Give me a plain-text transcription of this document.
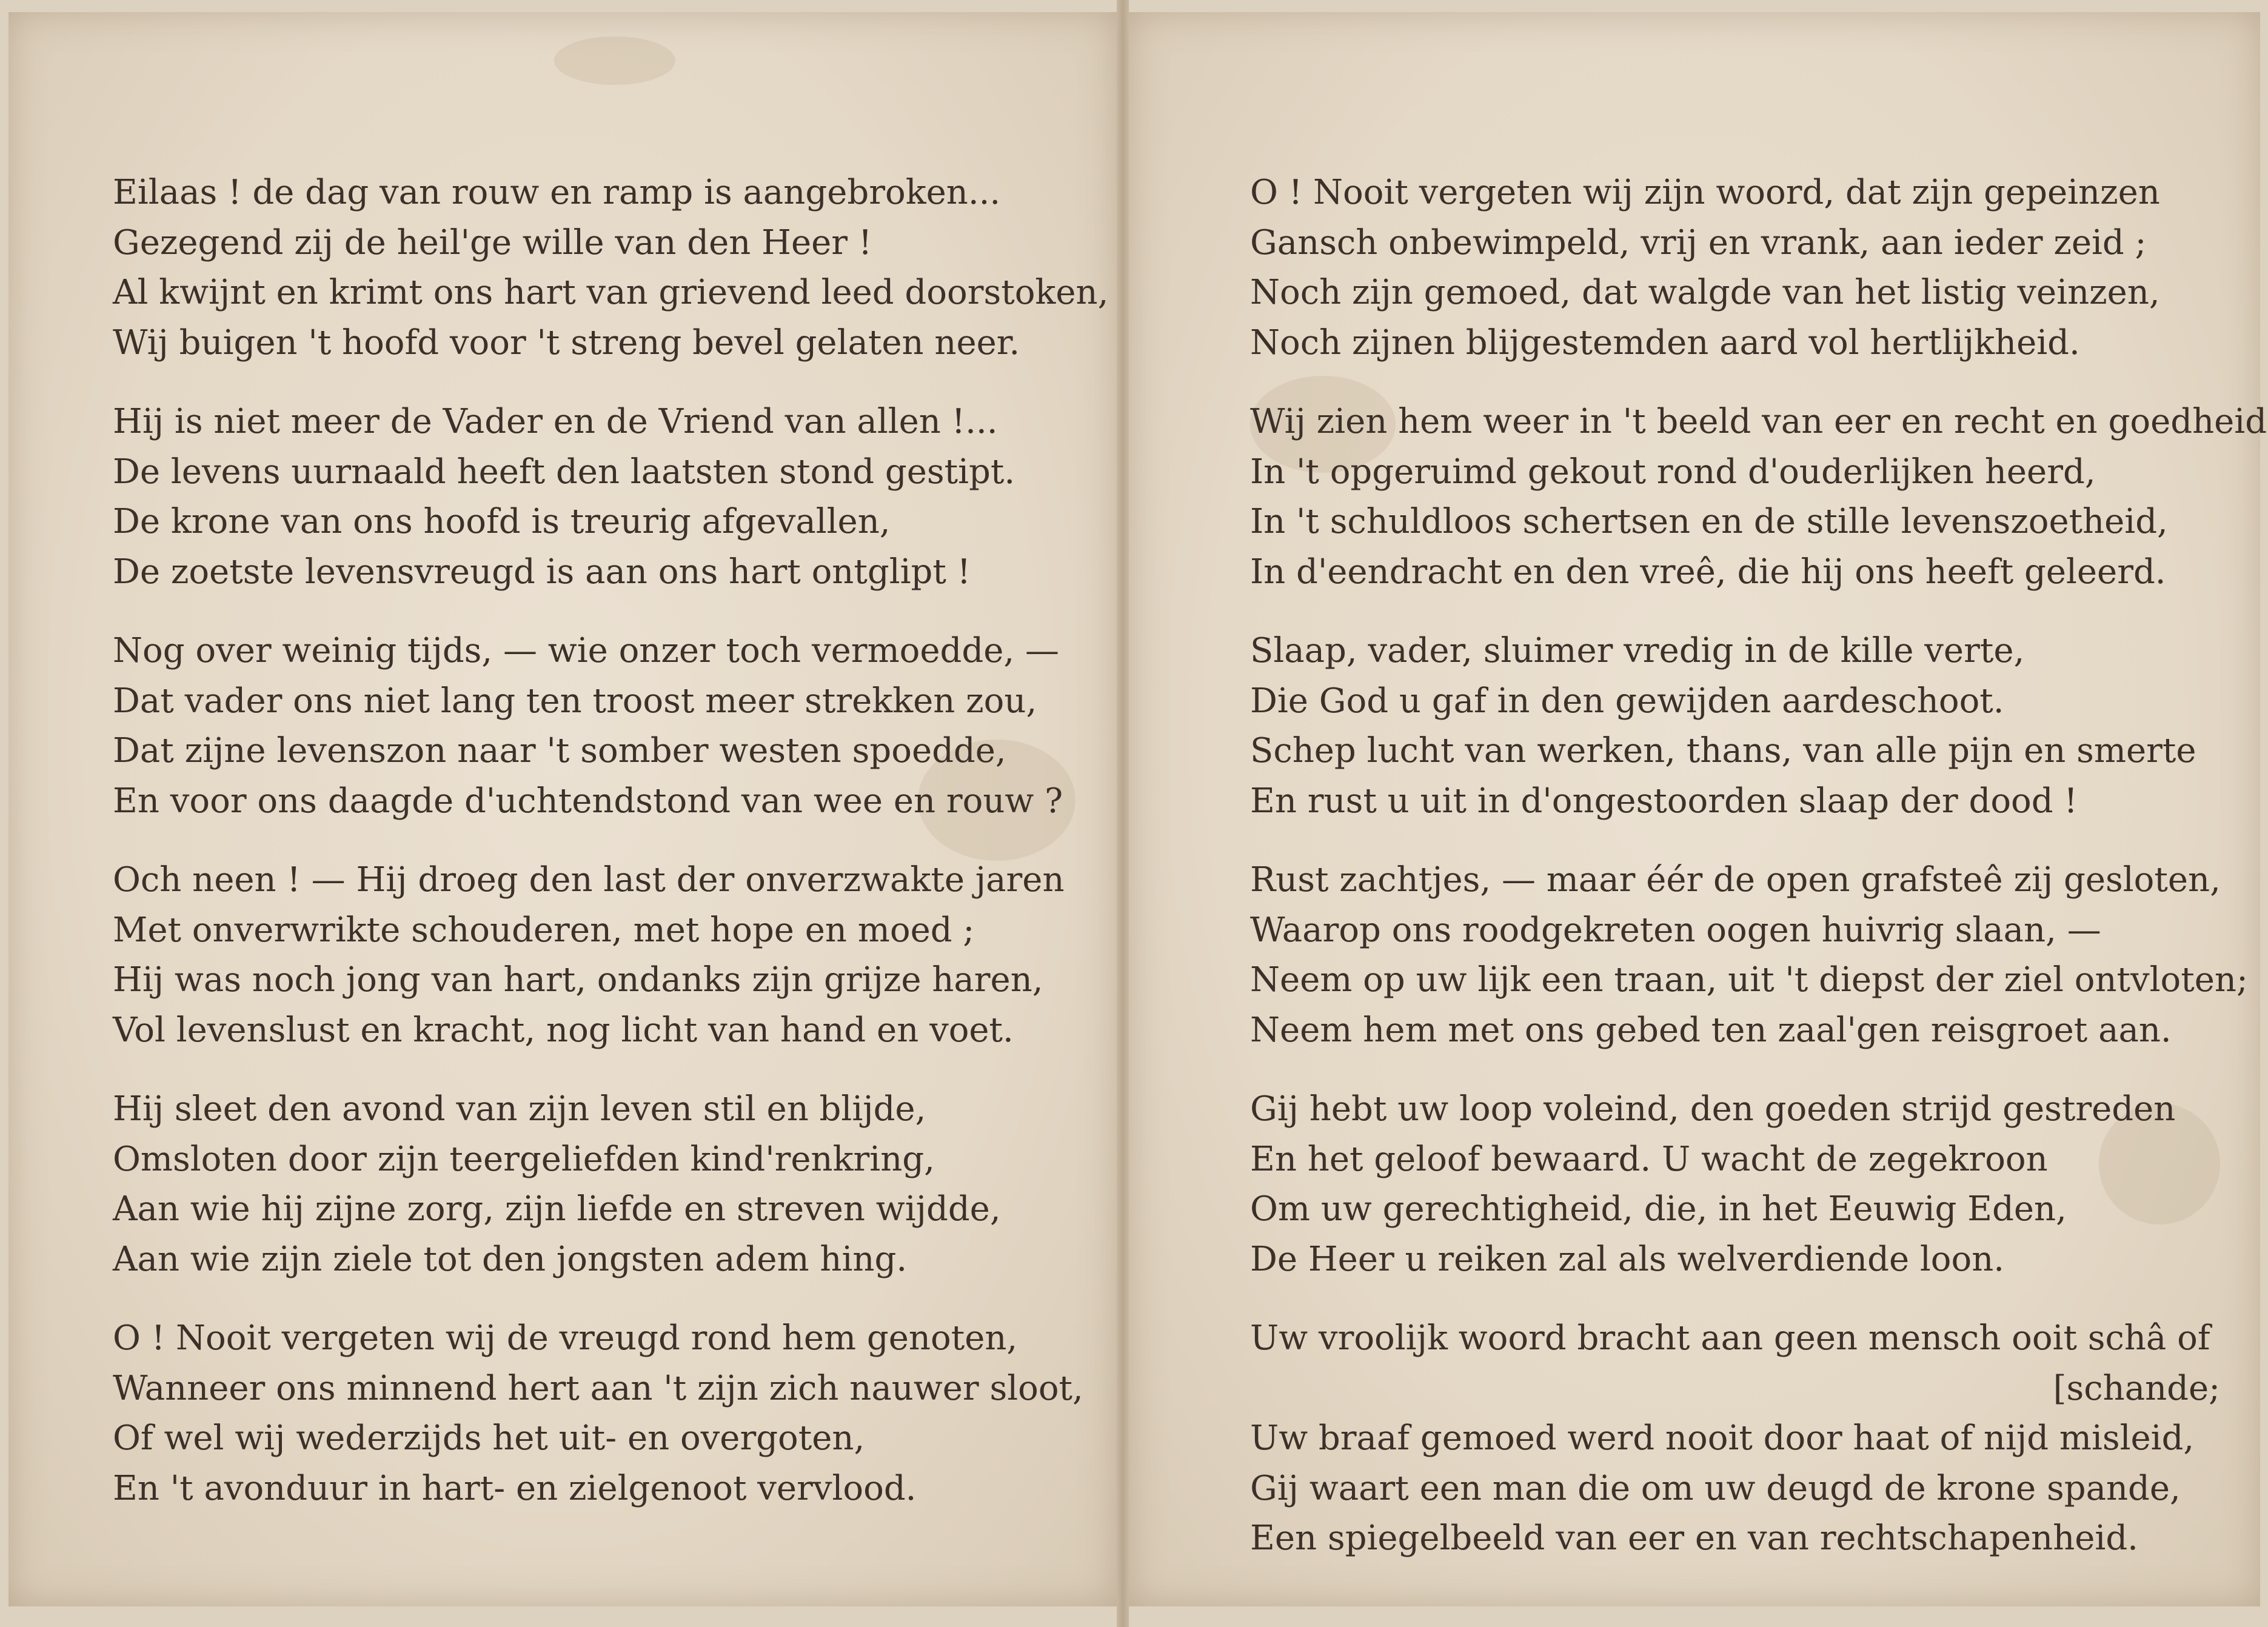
Eilaas ! de dag van rouw en ramp is aangebroken...
Gezegend zij de heil'ge wille van den Heer !
Al kwijnt en krimt ons hart van grievend leed doorstoken,
Wij buigen 't hoofd voor 't streng bevel gelaten neer.
Hij is niet meer de Vader en de Vriend van allen !...
De levens uurnaald heeft den laatsten stond gestipt.
De krone van ons hoofd is treurig afgevallen,
De zoetste levensvreugd is aan ons hart ontglipt !
Nog over weinig tijds, — wie onzer toch vermoedde, —
Dat vader ons niet lang ten troost meer strekken zou,
Dat zijne levenszon naar 't somber westen spoedde,
En voor ons daagde d'uchtendstond van wee en rouw ?
Och neen ! — Hij droeg den last der onverzwakte jaren
Met onverwrikte schouderen, met hope en moed ;
Hij was noch jong van hart, ondanks zijn grijze haren,
Vol levenslust en kracht, nog licht van hand en voet.
Hij sleet den avond van zijn leven stil en blijde,
Omsloten door zijn teergeliefden kind'renkring,
Aan wie hij zijne zorg, zijn liefde en streven wijdde,
Aan wie zijn ziele tot den jongsten adem hing.
O ! Nooit vergeten wij de vreugd rond hem genoten,
Wanneer ons minnend hert aan 't zijn zich nauwer sloot,
Of wel wij wederzijds het uit- en overgoten,
En 't avonduur in hart- en zielgenoot vervlood.
O ! Nooit vergeten wij zijn woord, dat zijn gepeinzen
Gansch onbewimpeld, vrij en vrank, aan ieder zeid ;
Noch zijn gemoed, dat walgde van het listig veinzen,
Noch zijnen blijgestemden aard vol hertlijkheid.
Wij zien hem weer in 't beeld van eer en recht en goedheid
In 't opgeruimd gekout rond d'ouderlijken heerd,
In 't schuldloos schertsen en de stille levenszoetheid,
In d'eendracht en den vreê, die hij ons heeft geleerd.
Slaap, vader, sluimer vredig in de kille verte,
Die God u gaf in den gewijden aardeschoot.
Schep lucht van werken, thans, van alle pijn en smerte
En rust u uit in d'ongestoorden slaap der dood !
Rust zachtjes, — maar éér de open grafsteê zij gesloten,
Waarop ons roodgekreten oogen huivrig slaan, —
Neem op uw lijk een traan, uit 't diepst der ziel ontvloten;
Neem hem met ons gebed ten zaal'gen reisgroet aan.
Gij hebt uw loop voleind, den goeden strijd gestreden
En het geloof bewaard. U wacht de zegekroon
Om uw gerechtigheid, die, in het Eeuwig Eden,
De Heer u reiken zal als welverdiende loon.
Uw vroolijk woord bracht aan geen mensch ooit schâ of
[schande;
Uw braaf gemoed werd nooit door haat of nijd misleid,
Gij waart een man die om uw deugd de krone spande,
Een spiegelbeeld van eer en van rechtschapenheid.
